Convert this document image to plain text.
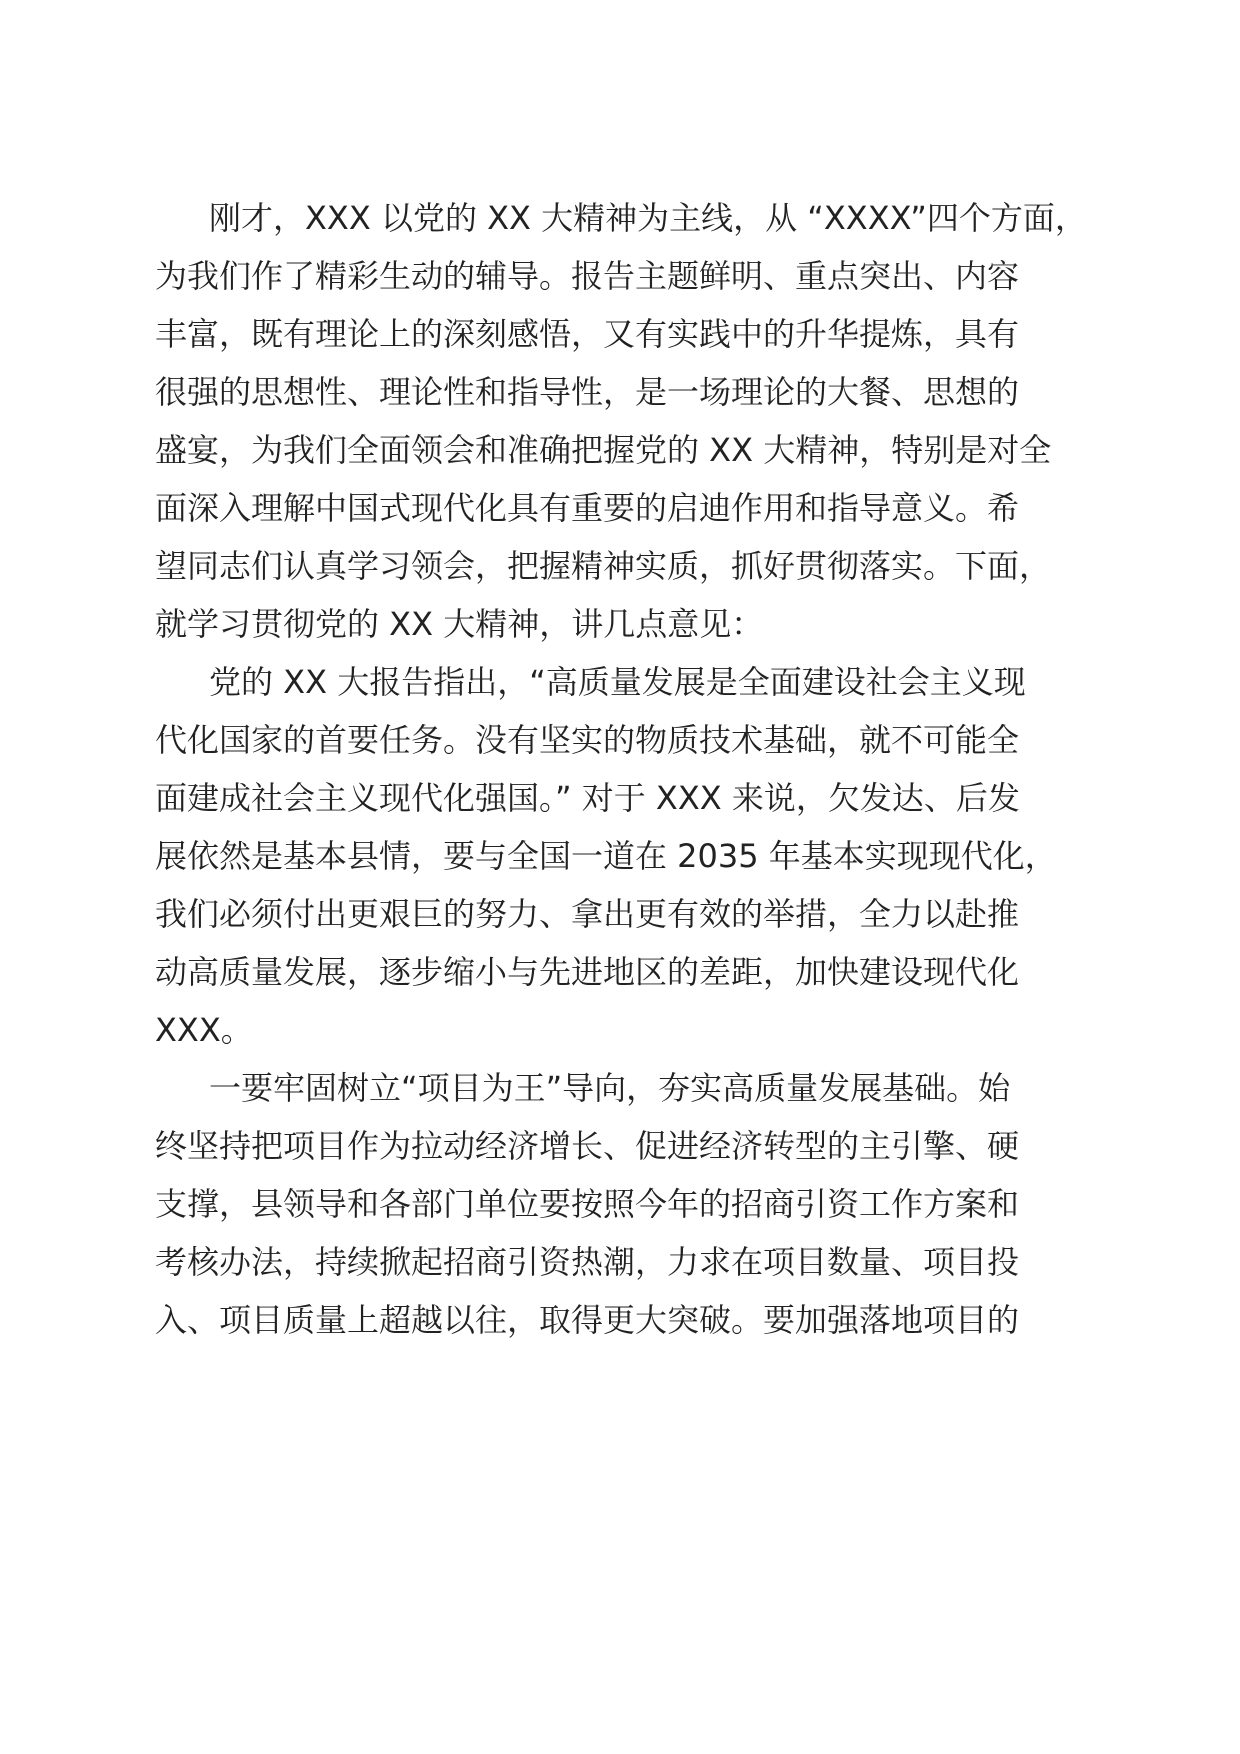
刚才，XXX 以党的 XX 大精神为主线，从 “XXXX”四个方面，

为我们作了精彩生动的辅导。报告主题鲜明、重点突出、内容

丰富，既有理论上的深刻感悟，又有实践中的升华提炼，具有

很强的思想性、理论性和指导性，是一场理论的大餐、思想的

盛宴，为我们全面领会和准确把握党的 XX 大精神，特别是对全

面深入理解中国式现代化具有重要的启迪作用和指导意义。希

望同志们认真学习领会，把握精神实质，抓好贯彻落实。下面，

就学习贯彻党的 XX 大精神，讲几点意见：

党的 XX 大报告指出，“高质量发展是全面建设社会主义现

代化国家的首要任务。没有坚实的物质技术基础，就不可能全

面建成社会主义现代化强国。” 对于 XXX 来说，欠发达、后发

展依然是基本县情，要与全国一道在 2035 年基本实现现代化，

我们必须付出更艰巨的努力、拿出更有效的举措，全力以赴推

动高质量发展，逐步缩小与先进地区的差距，加快建设现代化

XXX。

一要牢固树立“项目为王”导向，夯实高质量发展基础。始

终坚持把项目作为拉动经济增长、促进经济转型的主引擎、硬

支撑，县领导和各部门单位要按照今年的招商引资工作方案和

考核办法，持续掀起招商引资热潮，力求在项目数量、项目投

入、项目质量上超越以往，取得更大突破。要加强落地项目的
